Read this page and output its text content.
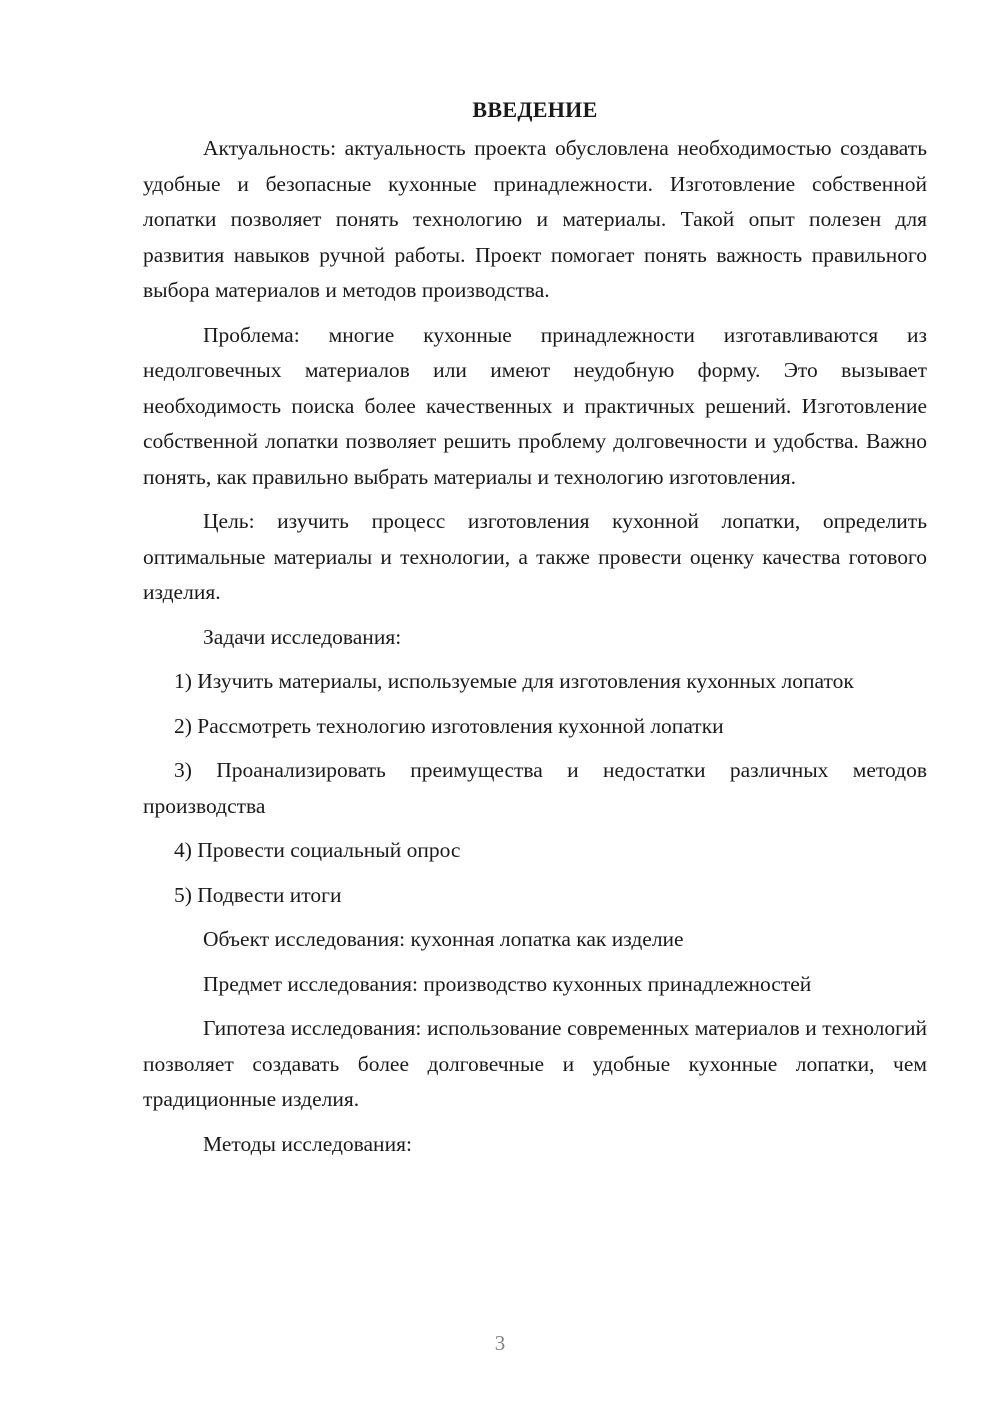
ВВЕДЕНИЕ

Актуальность: актуальность проекта обусловлена необходимостью создавать удобные и безопасные кухонные принадлежности. Изготовление собственной лопатки позволяет понять технологию и материалы. Такой опыт полезен для развития навыков ручной работы. Проект помогает понять важность правильного выбора материалов и методов производства.

Проблема: многие кухонные принадлежности изготавливаются из недолговечных материалов или имеют неудобную форму. Это вызывает необходимость поиска более качественных и практичных решений. Изготовление собственной лопатки позволяет решить проблему долговечности и удобства. Важно понять, как правильно выбрать материалы и технологию изготовления.

Цель: изучить процесс изготовления кухонной лопатки, определить оптимальные материалы и технологии, а также провести оценку качества готового изделия.

Задачи исследования:

1) Изучить материалы, используемые для изготовления кухонных лопаток

2) Рассмотреть технологию изготовления кухонной лопатки

3) Проанализировать преимущества и недостатки различных методов производства

4) Провести социальный опрос

5) Подвести итоги

Объект исследования: кухонная лопатка как изделие

Предмет исследования: производство кухонных принадлежностей

Гипотеза исследования: использование современных материалов и технологий позволяет создавать более долговечные и удобные кухонные лопатки, чем традиционные изделия.

Методы исследования:

3
